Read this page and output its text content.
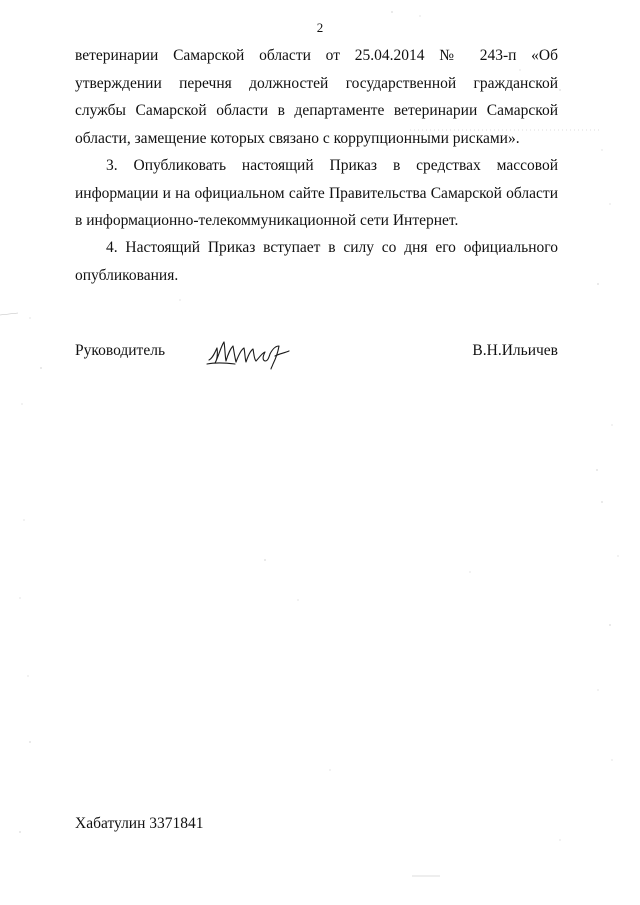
2
ветеринарии Самарской области от 25.04.2014 № 243-п «Об утверждении перечня должностей государственной гражданской службы Самарской области в департаменте ветеринарии Самарской области, замещение которых связано с коррупционными рисками».
3. Опубликовать настоящий Приказ в средствах массовой информации и на официальном сайте Правительства Самарской области в информационно-телекоммуникационной сети Интернет.
4. Настоящий Приказ вступает в силу со дня его официального опубликования.
Руководитель	В.Н.Ильичев
Хабатулин 3371841
